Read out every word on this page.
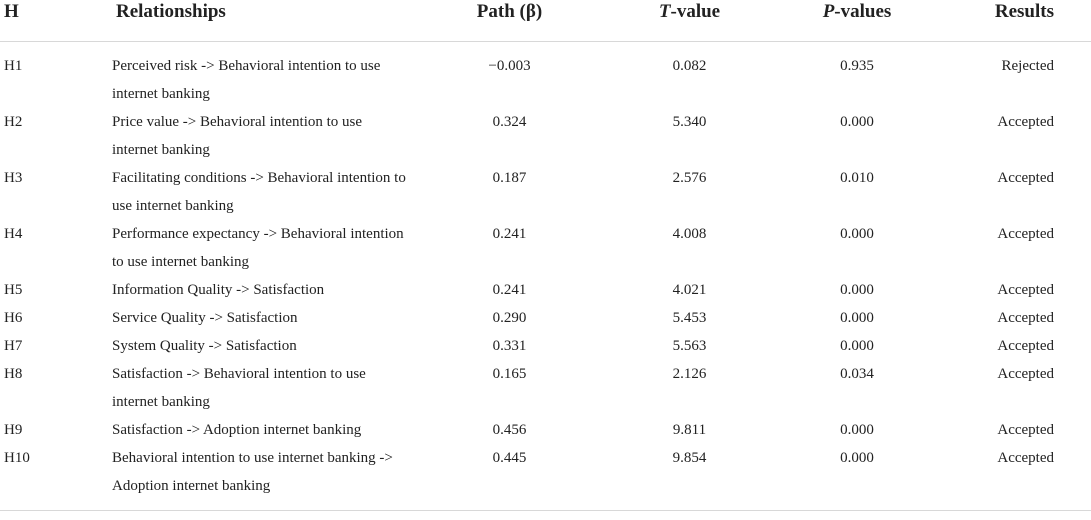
H	Relationships	Path (β)	T-value	P-values	Results
H1	Perceived risk -> Behavioral intention to use internet banking	−0.003	0.082	0.935	Rejected
H2	Price value -> Behavioral intention to use internet banking	0.324	5.340	0.000	Accepted
H3	Facilitating conditions -> Behavioral intention to use internet banking	0.187	2.576	0.010	Accepted
H4	Performance expectancy -> Behavioral intention to use internet banking	0.241	4.008	0.000	Accepted
H5	Information Quality -> Satisfaction	0.241	4.021	0.000	Accepted
H6	Service Quality -> Satisfaction	0.290	5.453	0.000	Accepted
H7	System Quality -> Satisfaction	0.331	5.563	0.000	Accepted
H8	Satisfaction -> Behavioral intention to use internet banking	0.165	2.126	0.034	Accepted
H9	Satisfaction -> Adoption internet banking	0.456	9.811	0.000	Accepted
H10	Behavioral intention to use internet banking -> Adoption internet banking	0.445	9.854	0.000	Accepted
